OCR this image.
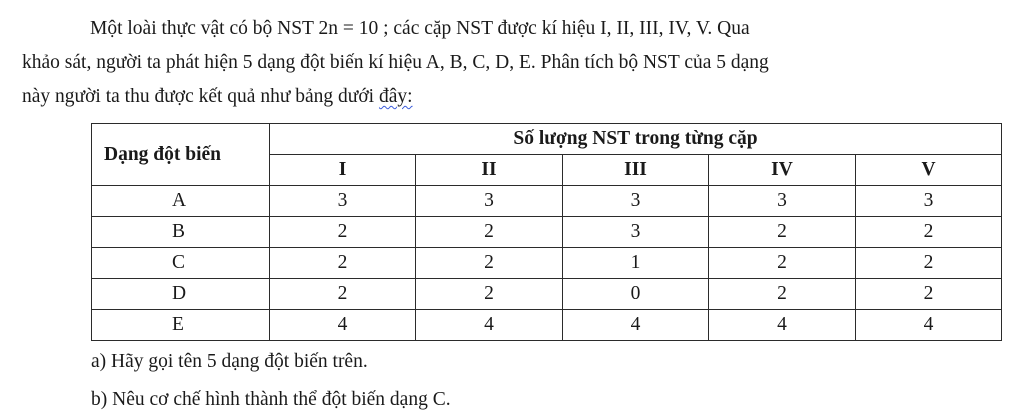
Một loài thực vật có bộ NST 2n = 10 ; các cặp NST được kí hiệu I, II, III, IV, V. Qua
khảo sát, người ta phát hiện 5 dạng đột biến kí hiệu A, B, C, D, E. Phân tích bộ NST của 5 dạng
này người ta thu được kết quả như bảng dưới đây:
Dạng đột biến	Số lượng NST trong từng cặp				
	I	II	III	IV	V
A	3	3	3	3	3
B	2	2	3	2	2
C	2	2	1	2	2
D	2	2	0	2	2
E	4	4	4	4	4
a) Hãy gọi tên 5 dạng đột biến trên.
b) Nêu cơ chế hình thành thể đột biến dạng C.
